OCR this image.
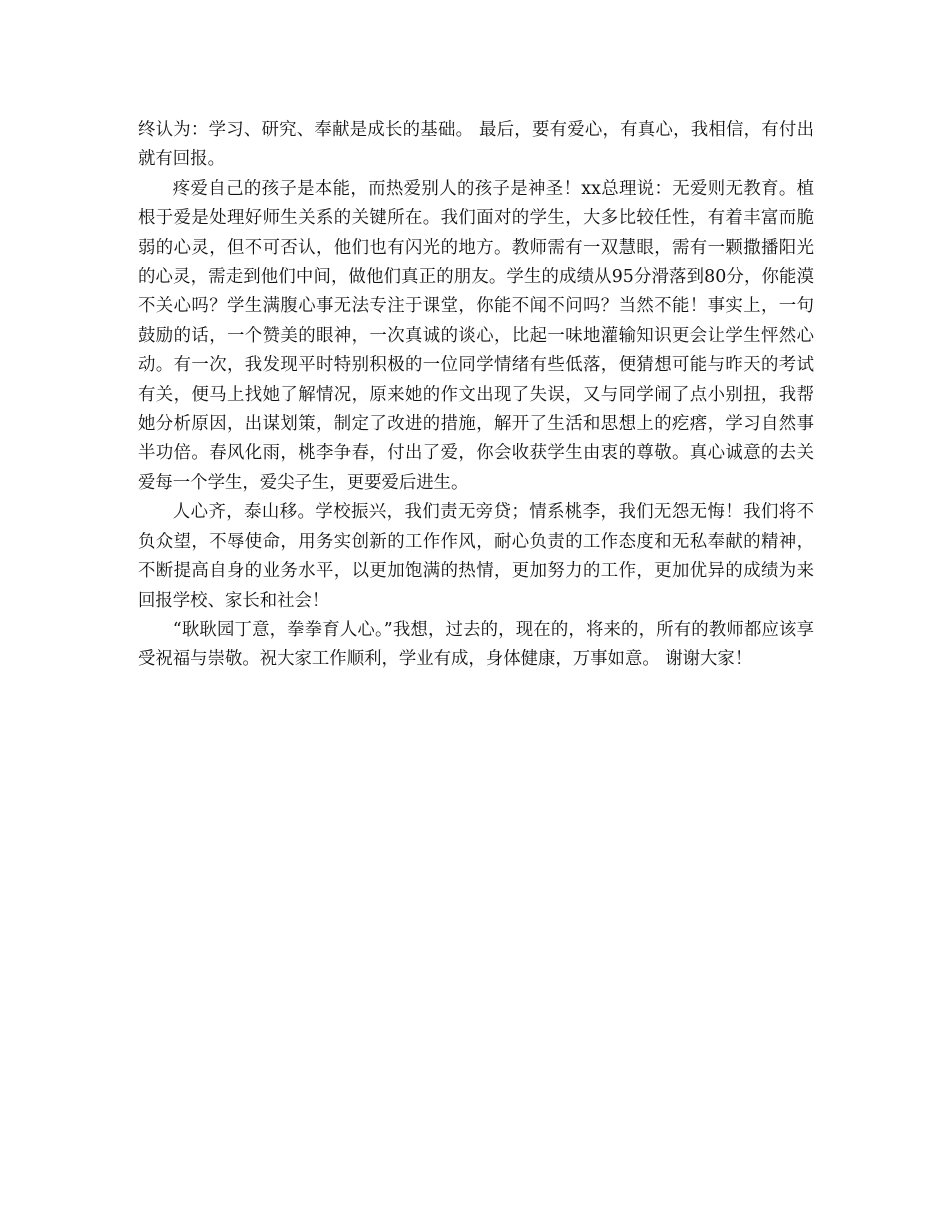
终认为：学习、研究、奉献是成长的基础。 最后，要有爱心，有真心，我相信，有付出就有回报。

疼爱自己的孩子是本能，而热爱别人的孩子是神圣！xx总理说：无爱则无教育。植根于爱是处理好师生关系的关键所在。我们面对的学生，大多比较任性，有着丰富而脆弱的心灵，但不可否认，他们也有闪光的地方。教师需有一双慧眼，需有一颗撒播阳光的心灵，需走到他们中间，做他们真正的朋友。学生的成绩从95分滑落到80分，你能漠不关心吗？学生满腹心事无法专注于课堂，你能不闻不问吗？当然不能！事实上，一句鼓励的话，一个赞美的眼神，一次真诚的谈心，比起一味地灌输知识更会让学生怦然心动。有一次，我发现平时特别积极的一位同学情绪有些低落，便猜想可能与昨天的考试有关，便马上找她了解情况，原来她的作文出现了失误，又与同学闹了点小别扭，我帮她分析原因，出谋划策，制定了改进的措施，解开了生活和思想上的疙瘩，学习自然事半功倍。春风化雨，桃李争春，付出了爱，你会收获学生由衷的尊敬。真心诚意的去关爱每一个学生，爱尖子生，更要爱后进生。

人心齐，泰山移。学校振兴，我们责无旁贷；情系桃李，我们无怨无悔！我们将不负众望，不辱使命，用务实创新的工作作风，耐心负责的工作态度和无私奉献的精神，不断提高自身的业务水平，以更加饱满的热情，更加努力的工作，更加优异的成绩为来回报学校、家长和社会！

“耿耿园丁意，拳拳育人心。”我想，过去的，现在的，将来的，所有的教师都应该享受祝福与崇敬。祝大家工作顺利，学业有成，身体健康，万事如意。 谢谢大家！
